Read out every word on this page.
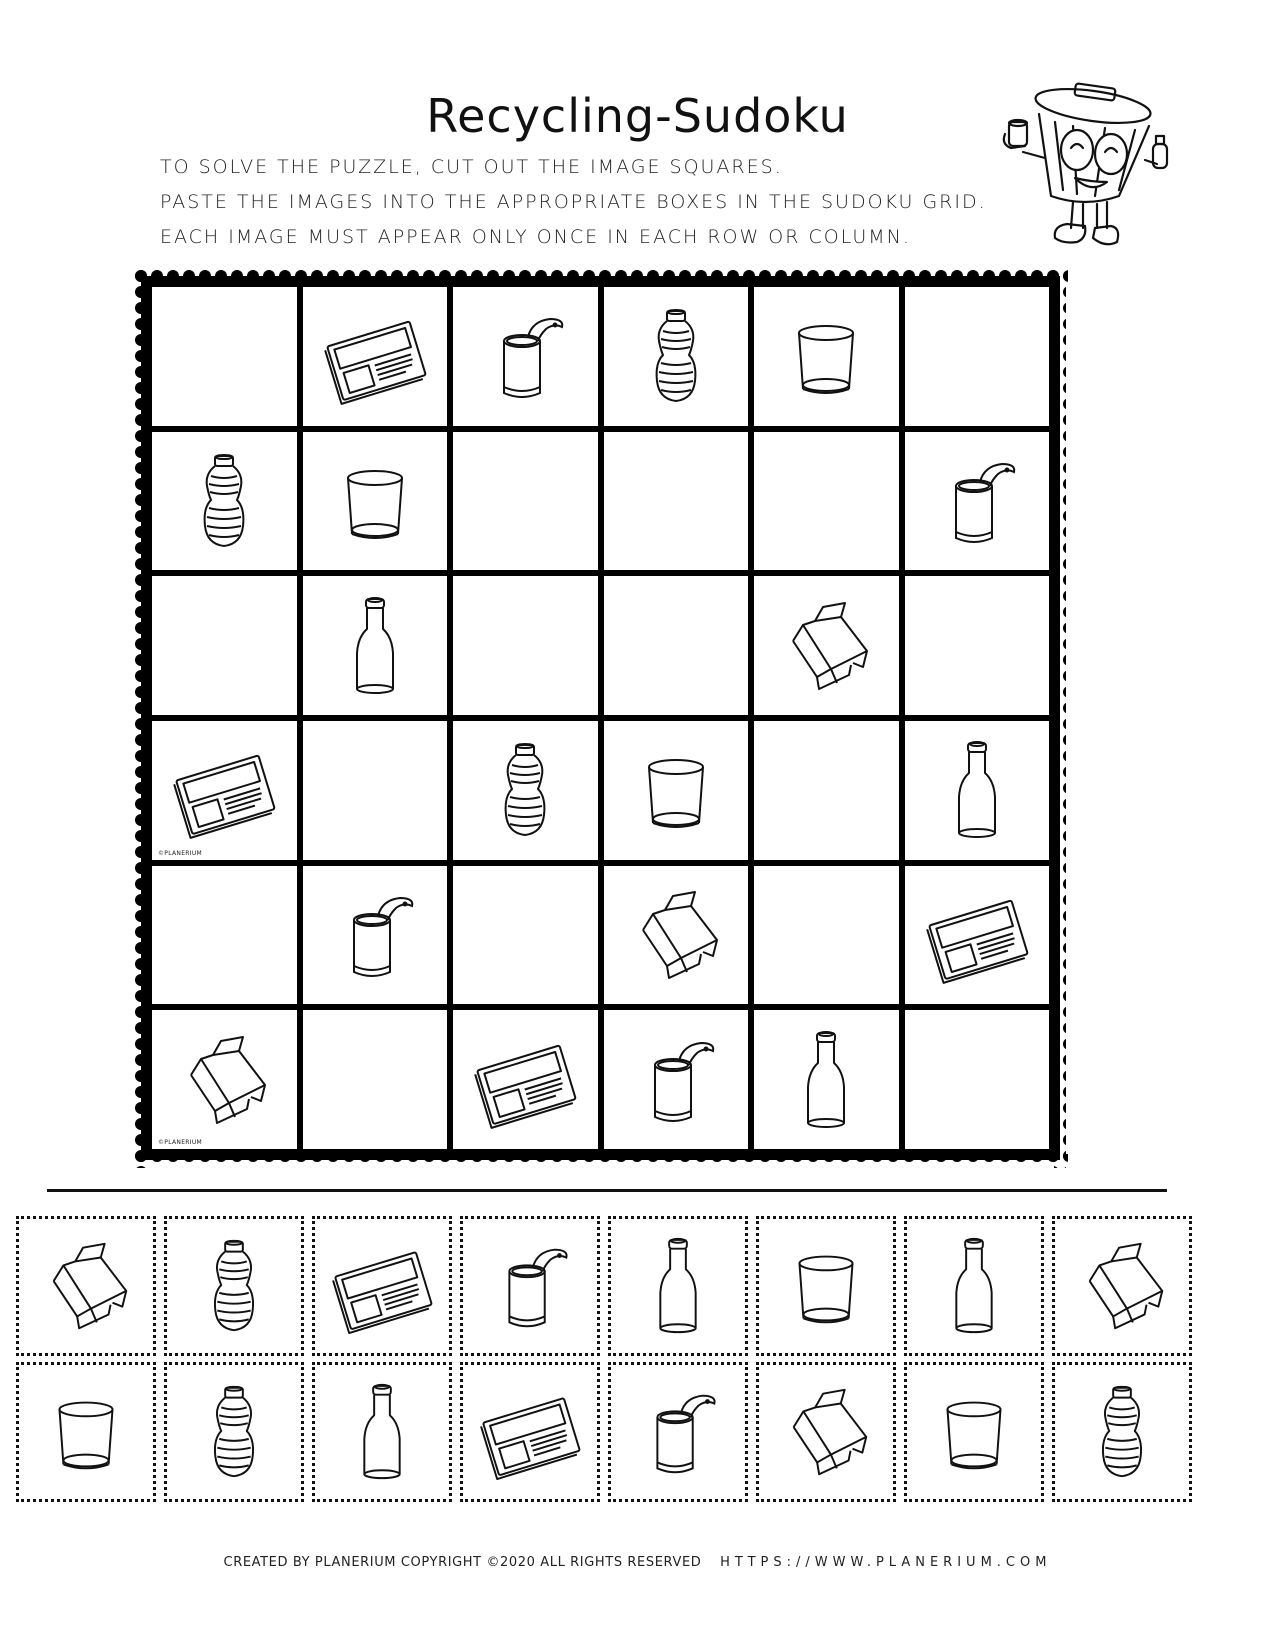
Recycling-Sudoku
TO SOLVE THE PUZZLE, CUT OUT THE IMAGE SQUARES.
PASTE THE IMAGES INTO THE APPROPRIATE BOXES IN THE SUDOKU GRID.
EACH IMAGE MUST APPEAR ONLY ONCE IN EACH ROW OR COLUMN.
©PLANERIUM
©PLANERIUM
CREATED BY PLANERIUM COPYRIGHT ©2020 ALL RIGHTS RESERVED HTTPS://WWW.PLANERIUM.COM
